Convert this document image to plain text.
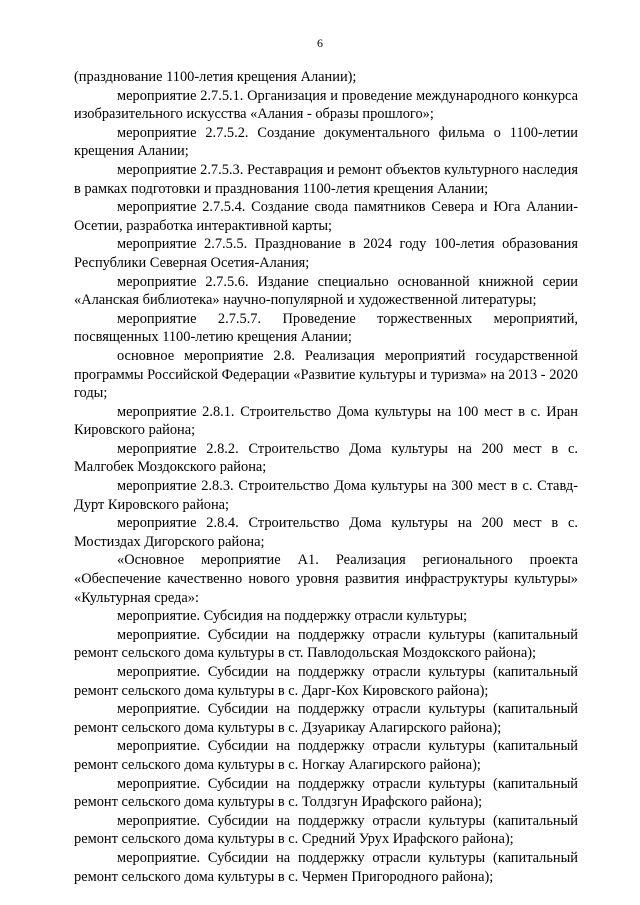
6

(празднование 1100-летия крещения Алании);

мероприятие 2.7.5.1. Организация и проведение международного конкурса изобразительного искусства «Алания - образы прошлого»;

мероприятие 2.7.5.2. Создание документального фильма о 1100-летии крещения Алании;

мероприятие 2.7.5.3. Реставрация и ремонт объектов культурного наследия в рамках подготовки и празднования 1100-летия крещения Алании;

мероприятие 2.7.5.4. Создание свода памятников Севера и Юга Алании-Осетии, разработка интерактивной карты;

мероприятие 2.7.5.5. Празднование в 2024 году 100-летия образования Республики Северная Осетия-Алания;

мероприятие 2.7.5.6. Издание специально основанной книжной серии «Аланская библиотека» научно-популярной и художественной литературы;

мероприятие 2.7.5.7. Проведение торжественных мероприятий, посвященных 1100-летию крещения Алании;

основное мероприятие 2.8. Реализация мероприятий государственной программы Российской Федерации «Развитие культуры и туризма» на 2013 - 2020 годы;

мероприятие 2.8.1. Строительство Дома культуры на 100 мест в с. Иран Кировского района;

мероприятие 2.8.2. Строительство Дома культуры на 200 мест в с. Малгобек Моздокского района;

мероприятие 2.8.3. Строительство Дома культуры на 300 мест в с. Ставд-Дурт Кировского района;

мероприятие 2.8.4. Строительство Дома культуры на 200 мест в с. Мостиздах Дигорского района;

«Основное мероприятие А1. Реализация регионального проекта «Обеспечение качественно нового уровня развития инфраструктуры культуры» «Культурная среда»:

мероприятие. Субсидия на поддержку отрасли культуры;

мероприятие. Субсидии на поддержку отрасли культуры (капитальный ремонт сельского дома культуры в ст. Павлодольская Моздокского района);

мероприятие. Субсидии на поддержку отрасли культуры (капитальный ремонт сельского дома культуры в с. Дарг-Кох Кировского района);

мероприятие. Субсидии на поддержку отрасли культуры (капитальный ремонт сельского дома культуры в с. Дзуарикау Алагирского района);

мероприятие. Субсидии на поддержку отрасли культуры (капитальный ремонт сельского дома культуры в с. Ногкау Алагирского района);

мероприятие. Субсидии на поддержку отрасли культуры (капитальный ремонт сельского дома культуры в с. Толдзгун Ирафского района);

мероприятие. Субсидии на поддержку отрасли культуры (капитальный ремонт сельского дома культуры в с. Средний Урух Ирафского района);

мероприятие. Субсидии на поддержку отрасли культуры (капитальный ремонт сельского дома культуры в с. Чермен Пригородного района);
